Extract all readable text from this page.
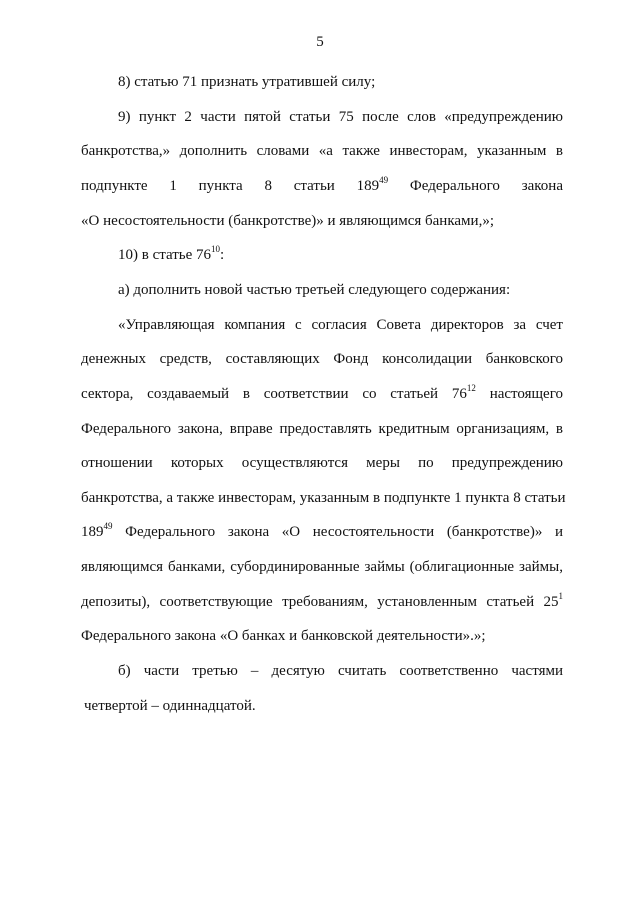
5
8) статью 71 признать утратившей силу;
9) пункт 2 части пятой статьи 75 после слов «предупреждению
банкротства,» дополнить словами «а также инвесторам, указанным в
подпункте 1 пункта 8 статьи $189^{49}$ Федерального закона
«О несостоятельности (банкротстве)» и являющимся банками,»;
10) в статье $76^{10}$:
а) дополнить новой частью третьей следующего содержания:
«Управляющая компания с согласия Совета директоров за счет
денежных средств, составляющих Фонд консолидации банковского
сектора, создаваемый в соответствии со статьей $76^{12}$ настоящего
Федерального закона, вправе предоставлять кредитным организациям, в
отношении которых осуществляются меры по предупреждению
банкротства, а также инвесторам, указанным в подпункте 1 пункта 8 статьи
$189^{49}$ Федерального закона «О несостоятельности (банкротстве)» и
являющимся банками, субординированные займы (облигационные займы,
депозиты), соответствующие требованиям, установленным статьей $25^1$
Федерального закона «О банках и банковской деятельности».»;
б) части третью – десятую считать соответственно частями
четвертой – одиннадцатой.
